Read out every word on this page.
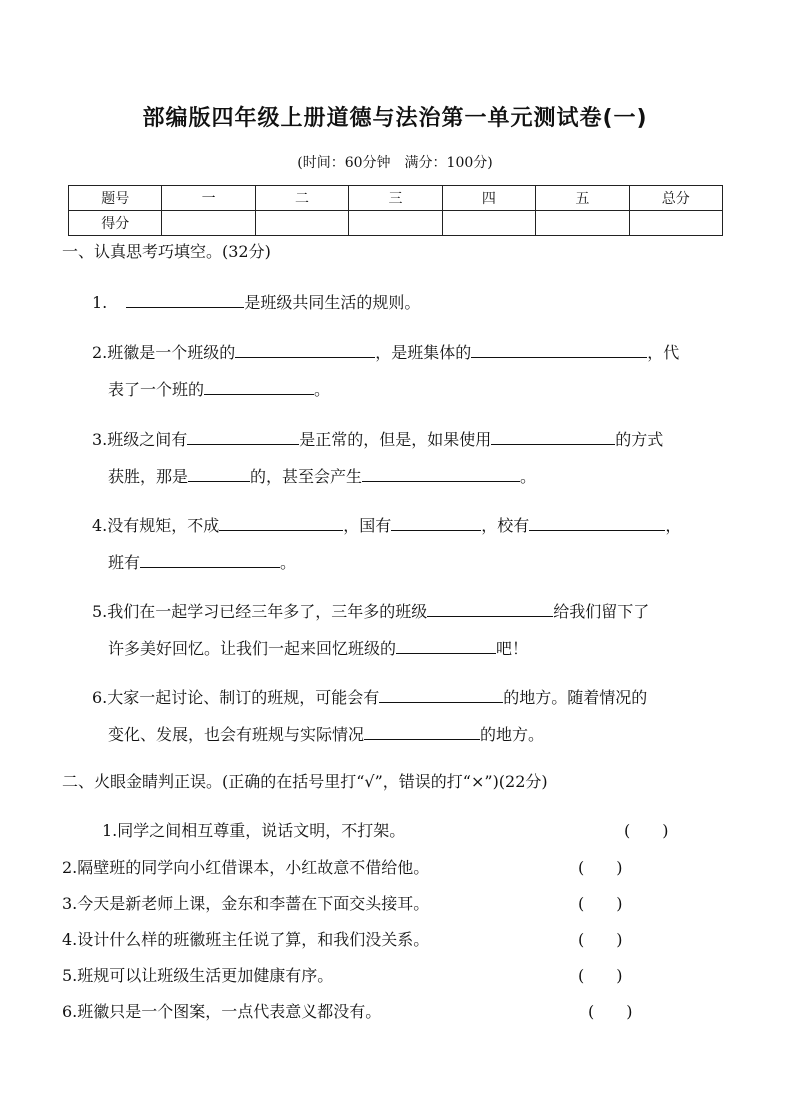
部编版四年级上册道德与法治第一单元测试卷(一)
(时间：60分钟　满分：100分)
题号	一	二	三	四	五	总分
得分						
一、认真思考巧填空。(32分)
1.	是班级共同生活的规则。
2.班徽是一个班级的	，是班集体的	，代
表了一个班的	。
3.班级之间有	是正常的，但是，如果使用	的方式
获胜，那是	的，甚至会产生	。
4.没有规矩，不成	，国有	，校有	，
班有	。
5.我们在一起学习已经三年多了，三年多的班级	给我们留下了
许多美好回忆。让我们一起来回忆班级的	吧！
6.大家一起讨论、制订的班规，可能会有	的地方。随着情况的
变化、发展，也会有班规与实际情况	的地方。
二、火眼金睛判正误。(正确的在括号里打“√”，错误的打“×”)(22分)
1.同学之间相互尊重，说话文明，不打架。	(　　)
2.隔壁班的同学向小红借课本，小红故意不借给他。	(　　)
3.今天是新老师上课，金东和李蔷在下面交头接耳。	(　　)
4.设计什么样的班徽班主任说了算，和我们没关系。	(　　)
5.班规可以让班级生活更加健康有序。	(　　)
6.班徽只是一个图案，一点代表意义都没有。	(　　)
